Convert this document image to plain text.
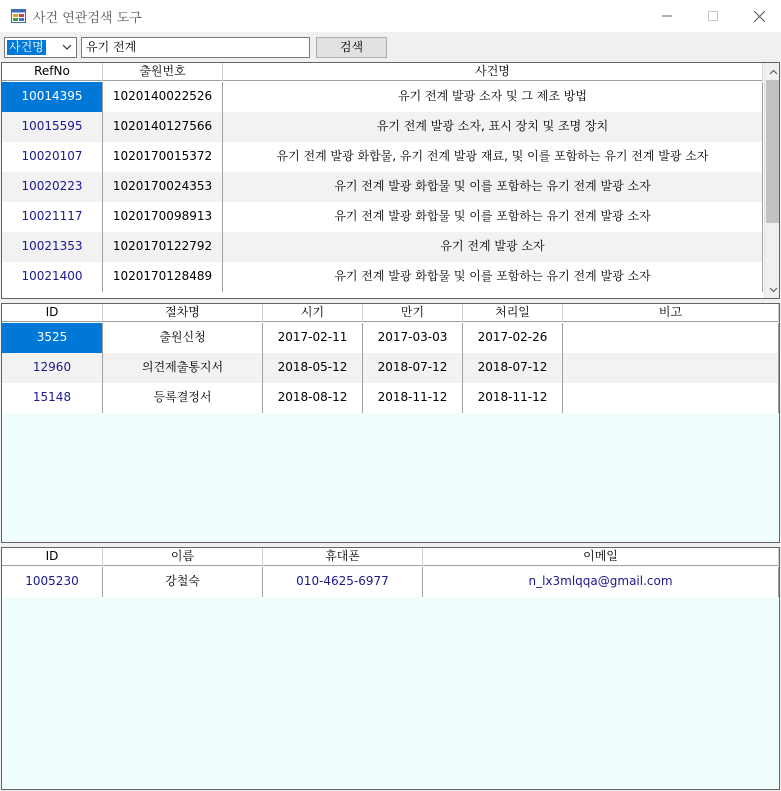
사건 연관검색 도구
사건명	유기 전계	검색
RefNo	출원번호	사건명
10014395	1020140022526	유기 전계 발광 소자 및 그 제조 방법
10015595	1020140127566	유기 전계 발광 소자, 표시 장치 및 조명 장치
10020107	1020170015372	유기 전계 발광 화합물, 유기 전계 발광 재료, 및 이를 포함하는 유기 전계 발광 소자
10020223	1020170024353	유기 전계 발광 화합물 및 이를 포함하는 유기 전계 발광 소자
10021117	1020170098913	유기 전계 발광 화합물 및 이를 포함하는 유기 전계 발광 소자
10021353	1020170122792	유기 전계 발광 소자
10021400	1020170128489	유기 전계 발광 화합물 및 이를 포함하는 유기 전계 발광 소자
ID	절차명	시기	만기	처리일	비고
3525	출원신청	2017-02-11	2017-03-03	2017-02-26
12960	의견제출통지서	2018-05-12	2018-07-12	2018-07-12
15148	등록결정서	2018-08-12	2018-11-12	2018-11-12
ID	이름	휴대폰	이메일
1005230	강철숙	010-4625-6977	n_lx3mlqqa@gmail.com
